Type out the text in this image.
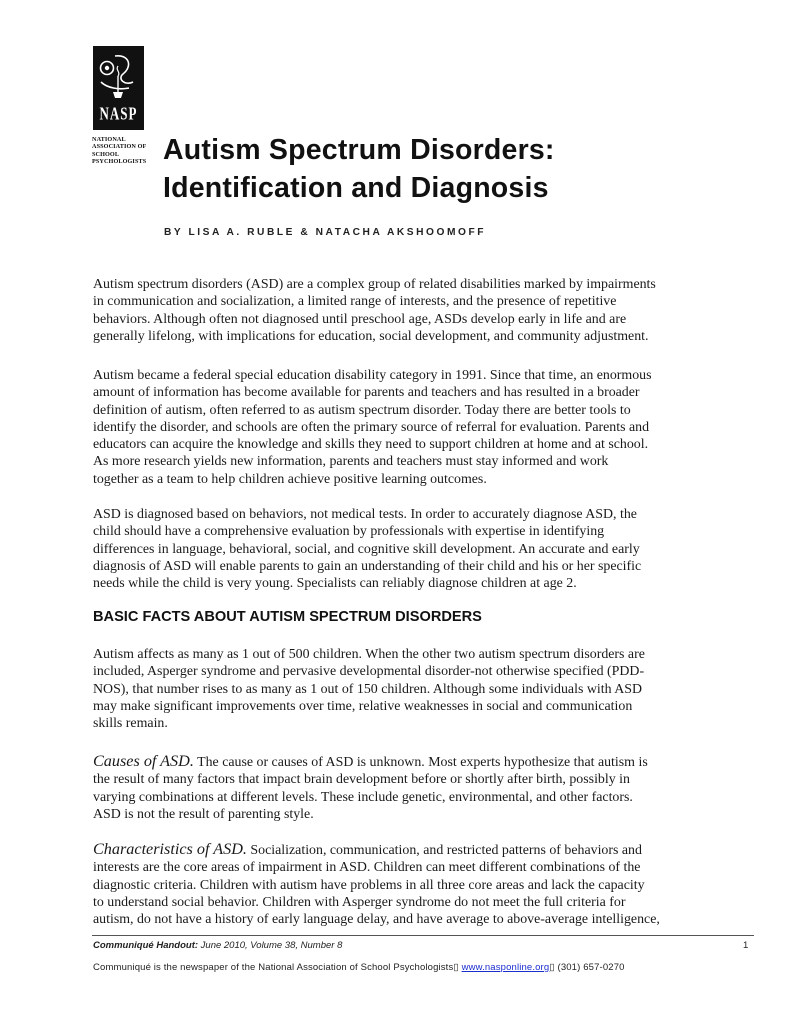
NASP
NATIONAL
ASSOCIATION OF
SCHOOL
PSYCHOLOGISTS Autism Spectrum Disorders:
Identification and Diagnosis
BY LISA A. RUBLE & NATACHA AKSHOOMOFF

Autism spectrum disorders (ASD) are a complex group of related disabilities marked by impairments
in communication and socialization, a limited range of interests, and the presence of repetitive
behaviors. Although often not diagnosed until preschool age, ASDs develop early in life and are
generally lifelong, with implications for education, social development, and community adjustment.

Autism became a federal special education disability category in 1991. Since that time, an enormous
amount of information has become available for parents and teachers and has resulted in a broader
definition of autism, often referred to as autism spectrum disorder. Today there are better tools to
identify the disorder, and schools are often the primary source of referral for evaluation. Parents and
educators can acquire the knowledge and skills they need to support children at home and at school.
As more research yields new information, parents and teachers must stay informed and work
together as a team to help children achieve positive learning outcomes.

ASD is diagnosed based on behaviors, not medical tests. In order to accurately diagnose ASD, the
child should have a comprehensive evaluation by professionals with expertise in identifying
differences in language, behavioral, social, and cognitive skill development. An accurate and early
diagnosis of ASD will enable parents to gain an understanding of their child and his or her specific
needs while the child is very young. Specialists can reliably diagnose children at age 2.

BASIC FACTS ABOUT AUTISM SPECTRUM DISORDERS

Autism affects as many as 1 out of 500 children. When the other two autism spectrum disorders are
included, Asperger syndrome and pervasive developmental disorder-not otherwise specified (PDD-
NOS), that number rises to as many as 1 out of 150 children. Although some individuals with ASD
may make significant improvements over time, relative weaknesses in social and communication
skills remain.

Causes of ASD. The cause or causes of ASD is unknown. Most experts hypothesize that autism is
the result of many factors that impact brain development before or shortly after birth, possibly in
varying combinations at different levels. These include genetic, environmental, and other factors.
ASD is not the result of parenting style.

Characteristics of ASD. Socialization, communication, and restricted patterns of behaviors and
interests are the core areas of impairment in ASD. Children can meet different combinations of the
diagnostic criteria. Children with autism have problems in all three core areas and lack the capacity
to understand social behavior. Children with Asperger syndrome do not meet the full criteria for
autism, do not have a history of early language delay, and have average to above-average intelligence,

Communiqué Handout: June 2010, Volume 38, Number 8	1
Communiqué is the newspaper of the National Association of School Psychologists▯ www.nasponline.org▯ (301) 657-0270
